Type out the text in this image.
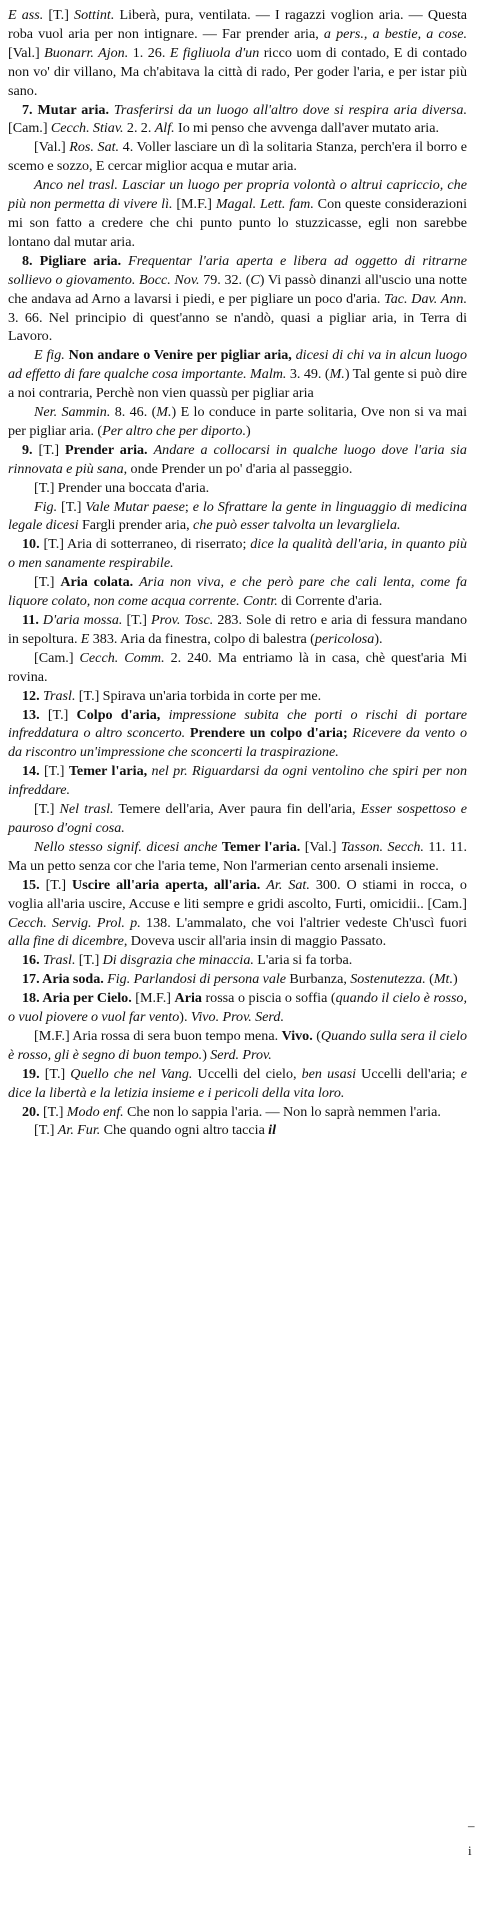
E ass. [T.] Sottint. Liberà, pura, ventilata. — I ragazzi voglion aria. — Questa roba vuol aria per non intignare. — Far prender aria, a pers., a bestie, a cose. [Val.] Buonarr. Ajon. 1. 26. E figliuola d'un ricco uom di contado, E di contado non vo' dir villano, Ma ch'abitava la città di rado, Per goder l'aria, e per istar più sano.

7. Mutar aria. Trasferirsi da un luogo all'altro dove si respira aria diversa. [Cam.] Cecch. Stiav. 2. 2. Alf. Io mi penso che avvenga dall'aver mutato aria.

[Val.] Ros. Sat. 4. Voller lasciare un dì la solitaria Stanza, perch'era il borro e scemo e sozzo, E cercar miglior acqua e mutar aria.

Anco nel trasl. Lasciar un luogo per propria volontà o altrui capriccio, che più non permetta di vivere lì. [M.F.] Magal. Lett. fam. Con queste considerazioni mi son fatto a credere che chi punto punto lo stuzzicasse, egli non sarebbe lontano dal mutar aria.

8. Pigliare aria. Frequentar l'aria aperta e libera ad oggetto di ritrarne sollievo o giovamento. Bocc. Nov. 79. 32. (C) Vi passò dinanzi all'uscio una notte che andava ad Arno a lavarsi i piedi, e per pigliare un poco d'aria. Tac. Dav. Ann. 3. 66. Nel principio di quest'anno se n'andò, quasi a pigliar aria, in Terra di Lavoro.

E fig. Non andare o Venire per pigliar aria, dicesi di chi va in alcun luogo ad effetto di fare qualche cosa importante. Malm. 3. 49. (M.) Tal gente si può dire a noi contraria, Perchè non vien quassù per pigliar aria

Ner. Sammin. 8. 46. (M.) E lo conduce in parte solitaria, Ove non si va mai per pigliar aria. (Per altro che per diporto.)

9. [T.] Prender aria. Andare a collocarsi in qualche luogo dove l'aria sia rinnovata e più sana, onde Prender un po' d'aria al passeggio.

[T.] Prender una boccata d'aria.

Fig. [T.] Vale Mutar paese; e lo Sfrattare la gente in linguaggio di medicina legale dicesi Fargli prender aria, che può esser talvolta un levargliela.

10. [T.] Aria di sotterraneo, di riserrato; dice la qualità dell'aria, in quanto più o men sanamente respirabile.

[T.] Aria colata. Aria non viva, e che però pare che cali lenta, come fa liquore colato, non come acqua corrente. Contr. di Corrente d'aria.

11. D'aria mossa. [T.] Prov. Tosc. 283. Sole di retro e aria di fessura mandano in sepoltura. E 383. Aria da finestra, colpo di balestra (pericolosa).

[Cam.] Cecch. Comm. 2. 240. Ma entriamo là in casa, chè quest'aria Mi rovina.

12. Trasl. [T.] Spirava un'aria torbida in corte per me.

13. [T.] Colpo d'aria, impressione subita che porti o rischi di portare infreddatura o altro sconcerto. Prendere un colpo d'aria; Ricevere da vento o da riscontro un'impressione che sconcerti la traspirazione.

14. [T.] Temer l'aria, nel pr. Riguardarsi da ogni ventolino che spiri per non infreddare.

[T.] Nel trasl. Temere dell'aria, Aver paura fin dell'aria, Esser sospettoso e pauroso d'ogni cosa.

Nello stesso signif. dicesi anche Temer l'aria. [Val.] Tasson. Secch. 11. 11. Ma un petto senza cor che l'aria teme, Non l'armerian cento arsenali insieme.

15. [T.] Uscire all'aria aperta, all'aria. Ar. Sat. 300. O stiami in rocca, o voglia all'aria uscire, Accuse e liti sempre e gridi ascolto, Furti, omicidii.. [Cam.] Cecch. Servig. Prol. p. 138. L'ammalato, che voi l'altrier vedeste Ch'uscì fuori alla fine di dicembre, Doveva uscir all'aria insin di maggio Passato.

16. Trasl. [T.] Di disgrazia che minaccia. L'aria si fa torba.

17. Aria soda. Fig. Parlandosi di persona vale Burbanza, Sostenutezza. (Mt.)

18. Aria per Cielo. [M.F.] Aria rossa o piscia o soffia (quando il cielo è rosso, o vuol piovere o vuol far vento). Vivo. Prov. Serd.

[M.F.] Aria rossa di sera buon tempo mena. Vivo. (Quando sulla sera il cielo è rosso, gli è segno di buon tempo.) Serd. Prov.

19. [T.] Quello che nel Vang. Uccelli del cielo, ben usasi Uccelli dell'aria; e dice la libertà e la letizia insieme e i pericoli della vita loro.

20. [T.] Modo enf. Che non lo sappia l'aria. — Non lo saprà nemmen l'aria.

[T.] Ar. Fur. Che quando ogni altro taccia il

–
i
